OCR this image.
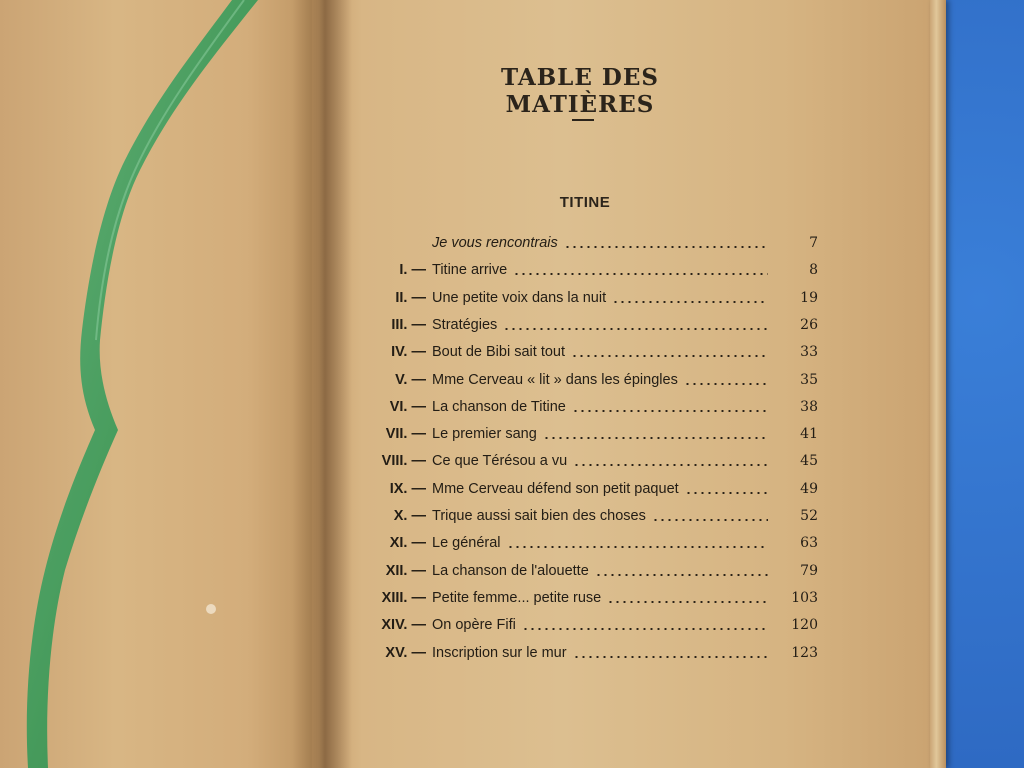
TABLE DES MATIÈRES
TITINE
Je vous rencontrais	7
I. — Titine arrive	8
II. — Une petite voix dans la nuit	19
III. — Stratégies	26
IV. — Bout de Bibi sait tout	33
V. — Mme Cerveau « lit » dans les épingles	35
VI. — La chanson de Titine	38
VII. — Le premier sang	41
VIII. — Ce que Térésou a vu	45
IX. — Mme Cerveau défend son petit paquet	49
X. — Trique aussi sait bien des choses	52
XI. — Le général	63
XII. — La chanson de l'alouette	79
XIII. — Petite femme... petite ruse	103
XIV. — On opère Fifi	120
XV. — Inscription sur le mur	123
